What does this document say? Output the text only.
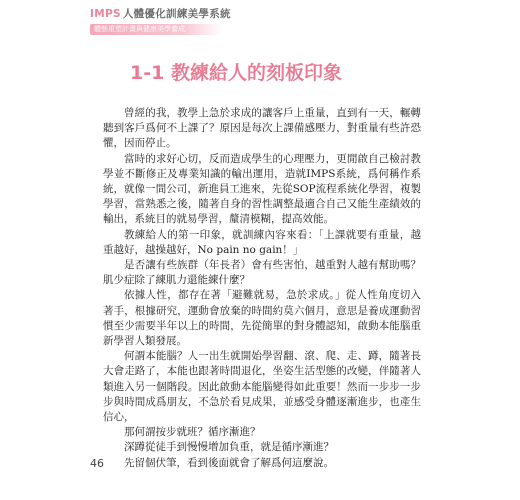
IMPS 人體優化訓練美學系統
體態重塑計畫與健康美學養成
1-1 教練給人的刻板印象

曾經的我，教學上急於求成的讓客戶上重量，直到有一天，輾轉聽到客戶爲何不上課了？原因是每次上課備感壓力，對重量有些許恐懼，因而停止。

當時的求好心切，反而造成學生的心理壓力，更閒啟自己檢討教學並不斷修正及專業知識的輸出運用，造就IMPS系統，爲何稱作系統，就像一間公司，新進員工進來，先從SOP流程系統化學習，複製學習，當熟悉之後，隨著自身的習性調整最適合自己又能生產績效的輸出，系統目的就易學習，釐清模糊，提高效能。

教練給人的第一印象，就訓練內容來看：「上課就要有重量，越重越好，越操越好，No pain no gain！」

是否讓有些族群（年長者）會有些害怕，越重對人越有幫助嗎？肌少症除了練肌力還能練什麼？

依據人性，都存在著「避難就易，急於求成。」從人性角度切入著手，根據研究，運動會放棄的時間約莫六個月，意思是養成運動習慣至少需要半年以上的時間，先從簡單的對身體認知，啟動本能腦重新學習人類發展。

何謂本能腦？人一出生就開始學習翻、滾、爬、走、蹲，隨著長大會走路了，本能也跟著時間退化，坐姿生活型態的改變，伴隨著人類進入另一個階段。因此啟動本能腦變得如此重要！然而一步步一步步與時間成爲朋友，不急於看見成果，並感受身體逐漸進步，也產生信心，

那何謂按步就班？循序漸進？

深蹲從徒手到慢慢增加負重，就是循序漸進？

先留個伏筆，看到後面就會了解爲何這麼說。

46
